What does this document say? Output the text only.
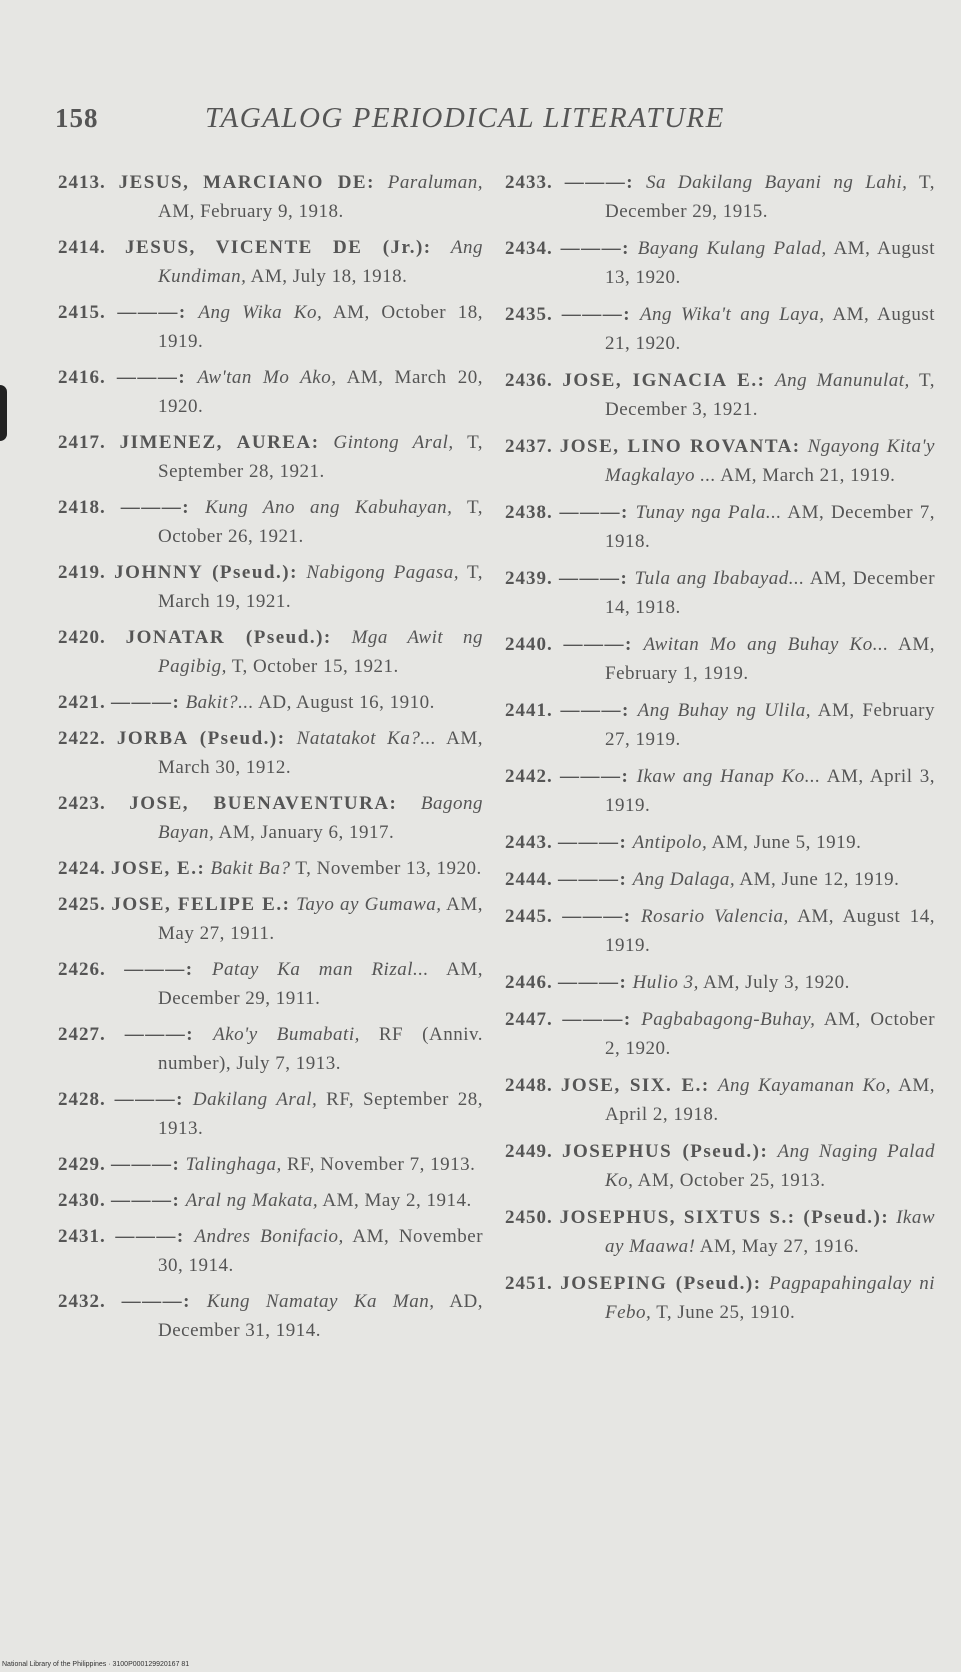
158	TAGALOG PERIODICAL LITERATURE
2413. JESUS, MARCIANO DE: Paraluman, AM, February 9, 1918.
2414. JESUS, VICENTE DE (Jr.): Ang Kundiman, AM, July 18, 1918.
2415. ———: Ang Wika Ko, AM, October 18, 1919.
2416. ———: Aw'tan Mo Ako, AM, March 20, 1920.
2417. JIMENEZ, AUREA: Gintong Aral, T, September 28, 1921.
2418. ———: Kung Ano ang Kabuhayan, T, October 26, 1921.
2419. JOHNNY (Pseud.): Nabigong Pagasa, T, March 19, 1921.
2420. JONATAR (Pseud.): Mga Awit ng Pagibig, T, October 15, 1921.
2421. ———: Bakit?... AD, August 16, 1910.
2422. JORBA (Pseud.): Natatakot Ka?... AM, March 30, 1912.
2423. JOSE, BUENAVENTURA: Bagong Bayan, AM, January 6, 1917.
2424. JOSE, E.: Bakit Ba? T, November 13, 1920.
2425. JOSE, FELIPE E.: Tayo ay Gumawa, AM, May 27, 1911.
2426. ———: Patay Ka man Rizal... AM, December 29, 1911.
2427. ———: Ako'y Bumabati, RF (Anniv. number), July 7, 1913.
2428. ———: Dakilang Aral, RF, September 28, 1913.
2429. ———: Talinghaga, RF, November 7, 1913.
2430. ———: Aral ng Makata, AM, May 2, 1914.
2431. ———: Andres Bonifacio, AM, November 30, 1914.
2432. ———: Kung Namatay Ka Man, AD, December 31, 1914.
2433. ———: Sa Dakilang Bayani ng Lahi, T, December 29, 1915.
2434. ———: Bayang Kulang Palad, AM, August 13, 1920.
2435. ———: Ang Wika't ang Laya, AM, August 21, 1920.
2436. JOSE, IGNACIA E.: Ang Manunulat, T, December 3, 1921.
2437. JOSE, LINO ROVANTA: Ngayong Kita'y Magkalayo ... AM, March 21, 1919.
2438. ———: Tunay nga Pala... AM, December 7, 1918.
2439. ———: Tula ang Ibabayad... AM, December 14, 1918.
2440. ———: Awitan Mo ang Buhay Ko... AM, February 1, 1919.
2441. ———: Ang Buhay ng Ulila, AM, February 27, 1919.
2442. ———: Ikaw ang Hanap Ko... AM, April 3, 1919.
2443. ———: Antipolo, AM, June 5, 1919.
2444. ———: Ang Dalaga, AM, June 12, 1919.
2445. ———: Rosario Valencia, AM, August 14, 1919.
2446. ———: Hulio 3, AM, July 3, 1920.
2447. ———: Pagbabagong-Buhay, AM, October 2, 1920.
2448. JOSE, SIX. E.: Ang Kayamanan Ko, AM, April 2, 1918.
2449. JOSEPHUS (Pseud.): Ang Naging Palad Ko, AM, October 25, 1913.
2450. JOSEPHUS, SIXTUS S.: (Pseud.): Ikaw ay Maawa! AM, May 27, 1916.
2451. JOSEPING (Pseud.): Pagpapahingalay ni Febo, T, June 25, 1910.
National Library of the Philippines · 3100P000129920167 81
